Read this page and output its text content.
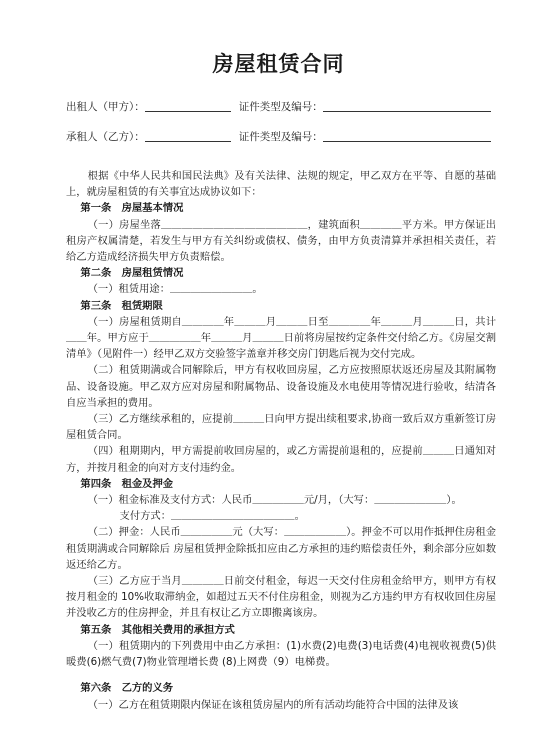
房屋租赁合同
出租人（甲方）：	证件类型及编号：
承租人（乙方）：	证件类型及编号：

根据《中华人民共和国民法典》及有关法律、法规的规定，甲乙双方在平等、自愿的基础上，就房屋租赁的有关事宜达成协议如下：

第一条　房屋基本情况

（一）房屋坐落＿＿＿＿＿＿＿＿＿＿＿＿＿＿，建筑面积＿＿＿＿平方米。甲方保证出租房产权属清楚，若发生与甲方有关纠纷或债权、债务，由甲方负责清算并承担相关责任，若给乙方造成经济损失甲方负责赔偿。

第二条　房屋租赁情况

（一）租赁用途：＿＿＿＿＿＿＿＿。

第三条　租赁期限

（一）房屋租赁期自＿＿＿＿年＿＿＿月＿＿＿日至＿＿＿＿年＿＿＿月＿＿＿日，共计＿＿年。甲方应于＿＿＿＿＿年＿＿＿月＿＿＿日前将房屋按约定条件交付给乙方。《房屋交割清单》（见附件一）经甲乙双方交验签字盖章并移交房门钥匙后视为交付完成。

（二）租赁期满或合同解除后，甲方有权收回房屋，乙方应按照原状返还房屋及其附属物品、设备设施。甲乙双方应对房屋和附属物品、设备设施及水电使用等情况进行验收，结清各自应当承担的费用。

（三）乙方继续承租的，应提前＿＿＿日向甲方提出续租要求,协商一致后双方重新签订房屋租赁合同。

（四）租期期内，甲方需提前收回房屋的，或乙方需提前退租的，应提前＿＿＿日通知对方，并按月租金的向对方支付违约金。

第四条　租金及押金

（一）租金标准及支付方式：人民币＿＿＿＿＿元/月，（大写：＿＿＿＿＿＿＿）。

支付方式：＿＿＿＿＿＿＿＿＿＿＿＿。

（二）押金：人民币＿＿＿＿＿元（大写：＿＿＿＿＿＿）。押金不可以用作抵押住房租金 租赁期满或合同解除后 房屋租赁押金除抵扣应由乙方承担的违约赔偿责任外，剩余部分应如数返还给乙方。

（三）乙方应于当月＿＿＿＿日前交付租金，每迟一天交付住房租金给甲方，则甲方有权按月租金的 10%收取滞纳金，如超过五天不付住房租金，则视为乙方违约甲方有权收回住房屋并没收乙方的住房押金，并且有权让乙方立即搬离该房。

第五条　其他相关费用的承担方式

（一）租赁期内的下列费用中由乙方承担：(1)水费(2)电费(3)电话费(4)电视收视费(5)供暖费(6)燃气费(7)物业管理增长费 (8)上网费（9）电梯费。

第六条　乙方的义务

（一）乙方在租赁期限内保证在该租赁房屋内的所有活动均能符合中国的法律及该
